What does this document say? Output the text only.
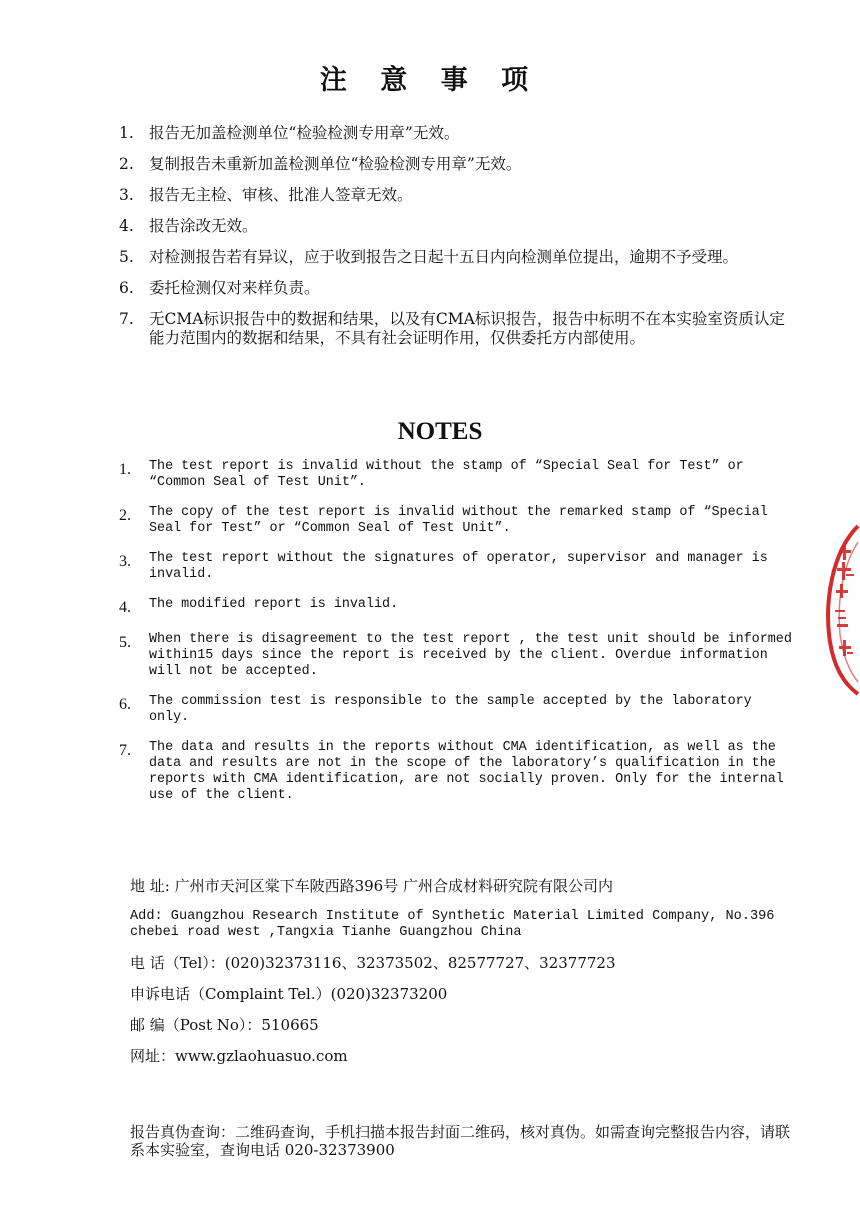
注 意 事 项
1. 报告无加盖检测单位“检验检测专用章”无效。
2. 复制报告未重新加盖检测单位“检验检测专用章”无效。
3. 报告无主检、审核、批准人签章无效。
4. 报告涂改无效。
5. 对检测报告若有异议，应于收到报告之日起十五日内向检测单位提出，逾期不予受理。
6. 委托检测仅对来样负责。
7. 无CMA标识报告中的数据和结果，以及有CMA标识报告，报告中标明不在本实验室资质认定能力范围内的数据和结果，不具有社会证明作用，仅供委托方内部使用。
NOTES
1.	The test report is invalid without the stamp of “Special Seal for Test” or
“Common Seal of Test Unit”.
2.	The copy of the test report is invalid without the remarked stamp of “Special
Seal for Test” or “Common Seal of Test Unit”.
3.	The test report without the signatures of operator, supervisor and manager is
invalid.
4.	The modified report is invalid.
5.	When there is disagreement to the test report , the test unit should be informed
within15 days since the report is received by the client. Overdue information
will not be accepted.
6.	The commission test is responsible to the sample accepted by the laboratory only.
7.	The data and results in the reports without CMA identification, as well as the
data and results are not in the scope of the laboratory’s qualification in the
reports with CMA identification, are not socially proven. Only for the internal
use of the client.
地 址: 广州市天河区棠下车陂西路396号 广州合成材料研究院有限公司内
Add: Guangzhou Research Institute of Synthetic Material Limited Company, No.396 chebei road west ,Tangxia Tianhe Guangzhou China
电 话（Tel）：(020)32373116、32373502、82577727、32377723
申诉电话（Complaint Tel.）(020)32373200
邮 编（Post No）：510665
网址：www.gzlaohuasuo.com
报告真伪查询：二维码查询，手机扫描本报告封面二维码，核对真伪。如需查询完整报告内容，请联系本实验室，查询电话 020-32373900
